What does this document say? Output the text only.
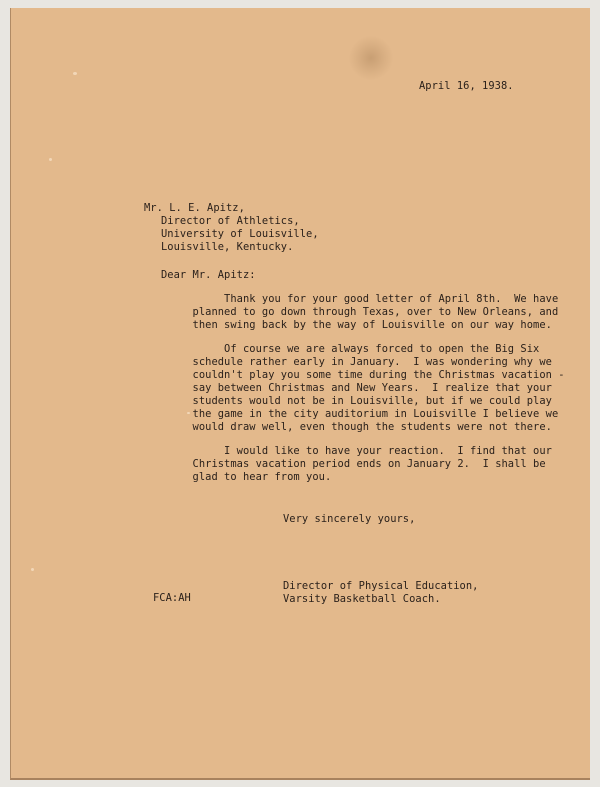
April 16, 1938.

Mr. L. E. Apitz,

Director of Athletics,

University of Louisville,

Louisville, Kentucky.

Dear Mr. Apitz:

Thank you for your good letter of April 8th.  We have

planned to go down through Texas, over to New Orleans, and

then swing back by the way of Louisville on our way home.

Of course we are always forced to open the Big Six

schedule rather early in January.  I was wondering why we

couldn't play you some time during the Christmas vacation -

say between Christmas and New Years.  I realize that your

students would not be in Louisville, but if we could play

the game in the city auditorium in Louisville I believe we

would draw well, even though the students were not there.

I would like to have your reaction.  I find that our

Christmas vacation period ends on January 2.  I shall be

glad to hear from you.

Very sincerely yours,

FCA:AH

Director of Physical Education,

Varsity Basketball Coach.
